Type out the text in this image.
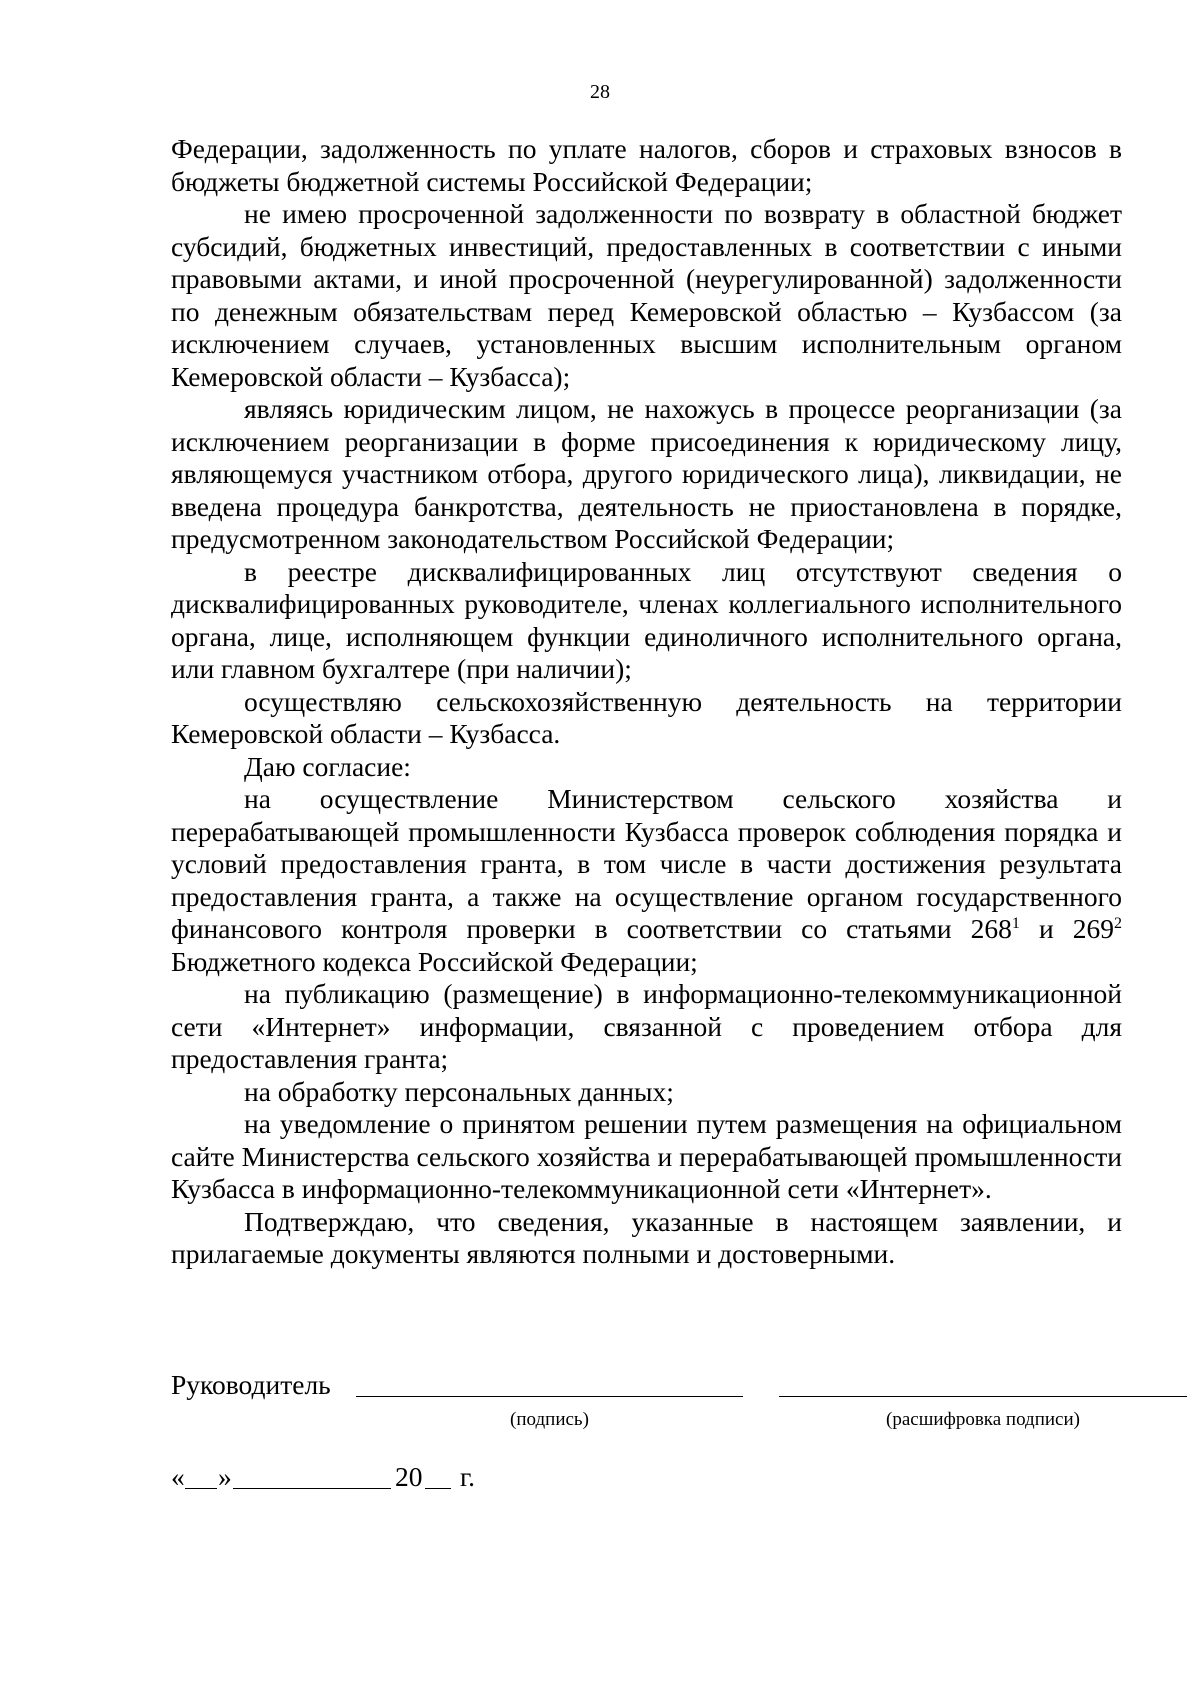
28

Федерации, задолженность по уплате налогов, сборов и страховых взносов в бюджеты бюджетной системы Российской Федерации;

не имею просроченной задолженности по возврату в областной бюджет субсидий, бюджетных инвестиций, предоставленных в соответствии с иными правовыми актами, и иной просроченной (неурегулированной) задолженности по денежным обязательствам перед Кемеровской областью – Кузбассом (за исключением случаев, установленных высшим исполнительным органом Кемеровской области – Кузбасса);

являясь юридическим лицом, не нахожусь в процессе реорганизации (за исключением реорганизации в форме присоединения к юридическому лицу, являющемуся участником отбора, другого юридического лица), ликвидации, не введена процедура банкротства, деятельность не приостановлена в порядке, предусмотренном законодательством Российской Федерации;

в реестре дисквалифицированных лиц отсутствуют сведения о дисквалифицированных руководителе, членах коллегиального исполнительного органа, лице, исполняющем функции единоличного исполнительного органа, или главном бухгалтере (при наличии);

осуществляю сельскохозяйственную деятельность на территории Кемеровской области – Кузбасса.

Даю согласие:

на осуществление Министерством сельского хозяйства и перерабатывающей промышленности Кузбасса проверок соблюдения порядка и условий предоставления гранта, в том числе в части достижения результата предоставления гранта, а также на осуществление органом государственного финансового контроля проверки в соответствии со статьями $268^1$ и $269^2$ Бюджетного кодекса Российской Федерации;

на публикацию (размещение) в информационно-телекоммуникационной сети «Интернет» информации, связанной с проведением отбора для предоставления гранта;

на обработку персональных данных;

на уведомление о принятом решении путем размещения на официальном сайте Министерства сельского хозяйства и перерабатывающей промышленности Кузбасса в информационно-телекоммуникационной сети «Интернет».

Подтверждаю, что сведения, указанные в настоящем заявлении, и прилагаемые документы являются полными и достоверными.

Руководитель
(подпись)	(расшифровка подписи)
« »	20 г.
